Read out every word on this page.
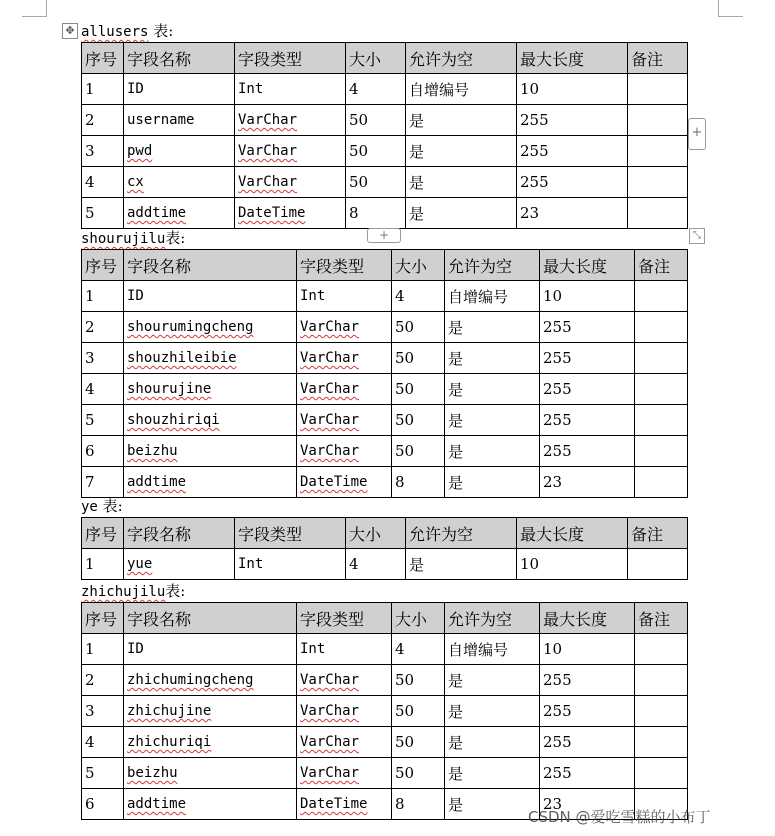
✥ allusers 表:
序号	字段名称	字段类型	大小	允许为空	最大长度	备注
1	ID	Int	4	自增编号	10	
2	username	VarChar	50	是	255	
3	pwd	VarChar	50	是	255	
4	cx	VarChar	50	是	255	
5	addtime	DateTime	8	是	23	
+
+	⤡
shourujilu表:
序号	字段名称	字段类型	大小	允许为空	最大长度	备注
1	ID	Int	4	自增编号	10	
2	shourumingcheng	VarChar	50	是	255	
3	shouzhileibie	VarChar	50	是	255	
4	shourujine	VarChar	50	是	255	
5	shouzhiriqi	VarChar	50	是	255	
6	beizhu	VarChar	50	是	255	
7	addtime	DateTime	8	是	23	
ye 表:
序号	字段名称	字段类型	大小	允许为空	最大长度	备注
1	yue	Int	4	是	10	
zhichujilu表:
序号	字段名称	字段类型	大小	允许为空	最大长度	备注
1	ID	Int	4	自增编号	10	
2	zhichumingcheng	VarChar	50	是	255	
3	zhichujine	VarChar	50	是	255	
4	zhichuriqi	VarChar	50	是	255	
5	beizhu	VarChar	50	是	255	
6	addtime	DateTime	8	是	23	
CSDN @爱吃雪糕的小布丁
